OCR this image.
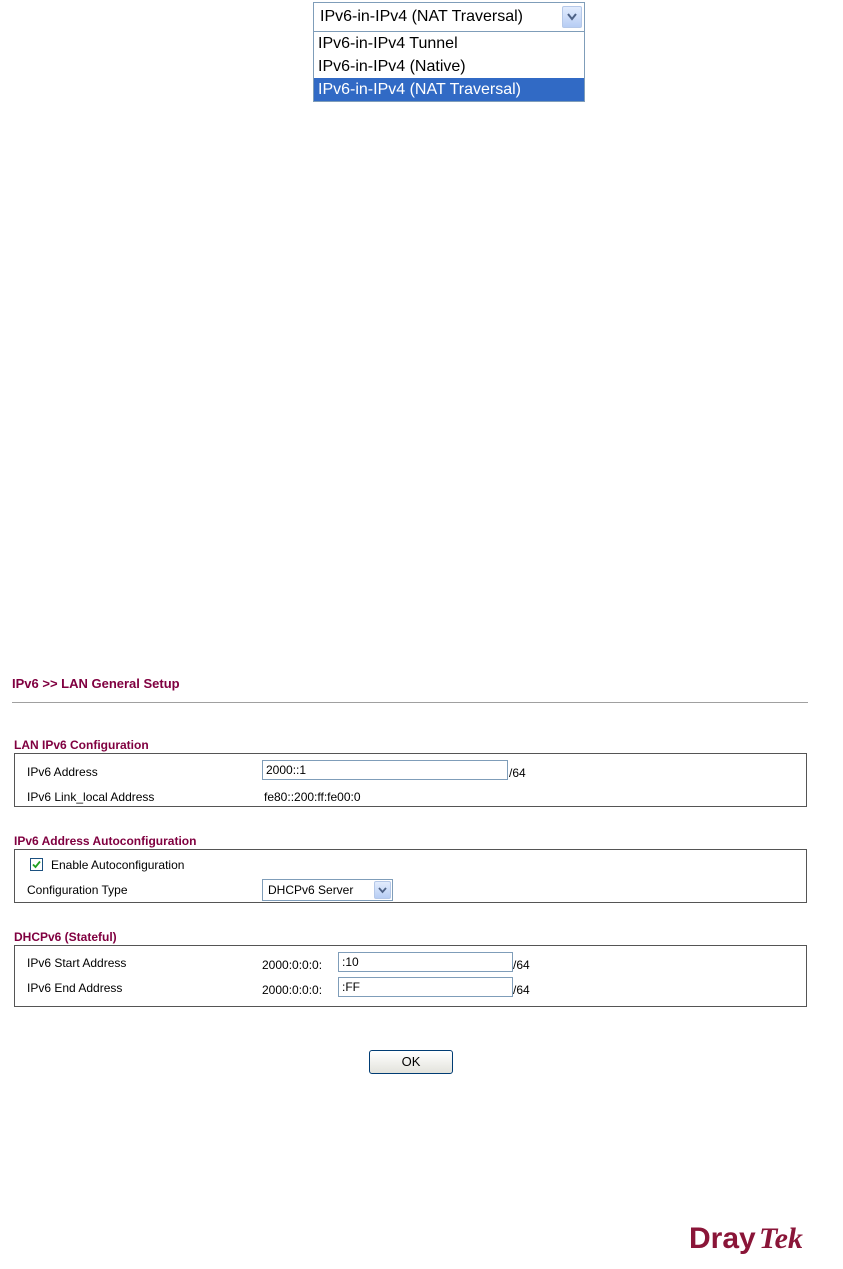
IPv6-in-IPv4 (NAT Traversal)
IPv6-in-IPv4 Tunnel
IPv6-in-IPv4 (Native)
IPv6-in-IPv4 (NAT Traversal)
IPv6 >> LAN General Setup
LAN IPv6 Configuration
IPv6 Address	2000::1	/64
IPv6 Link_local Address	fe80::200:ff:fe00:0
IPv6 Address Autoconfiguration
Enable Autoconfiguration
Configuration Type	DHCPv6 Server
DHCPv6 (Stateful)
IPv6 Start Address	2000:0:0:0:	:10	/64
IPv6 End Address	2000:0:0:0:	:FF	/64
OK
Dray Tek
